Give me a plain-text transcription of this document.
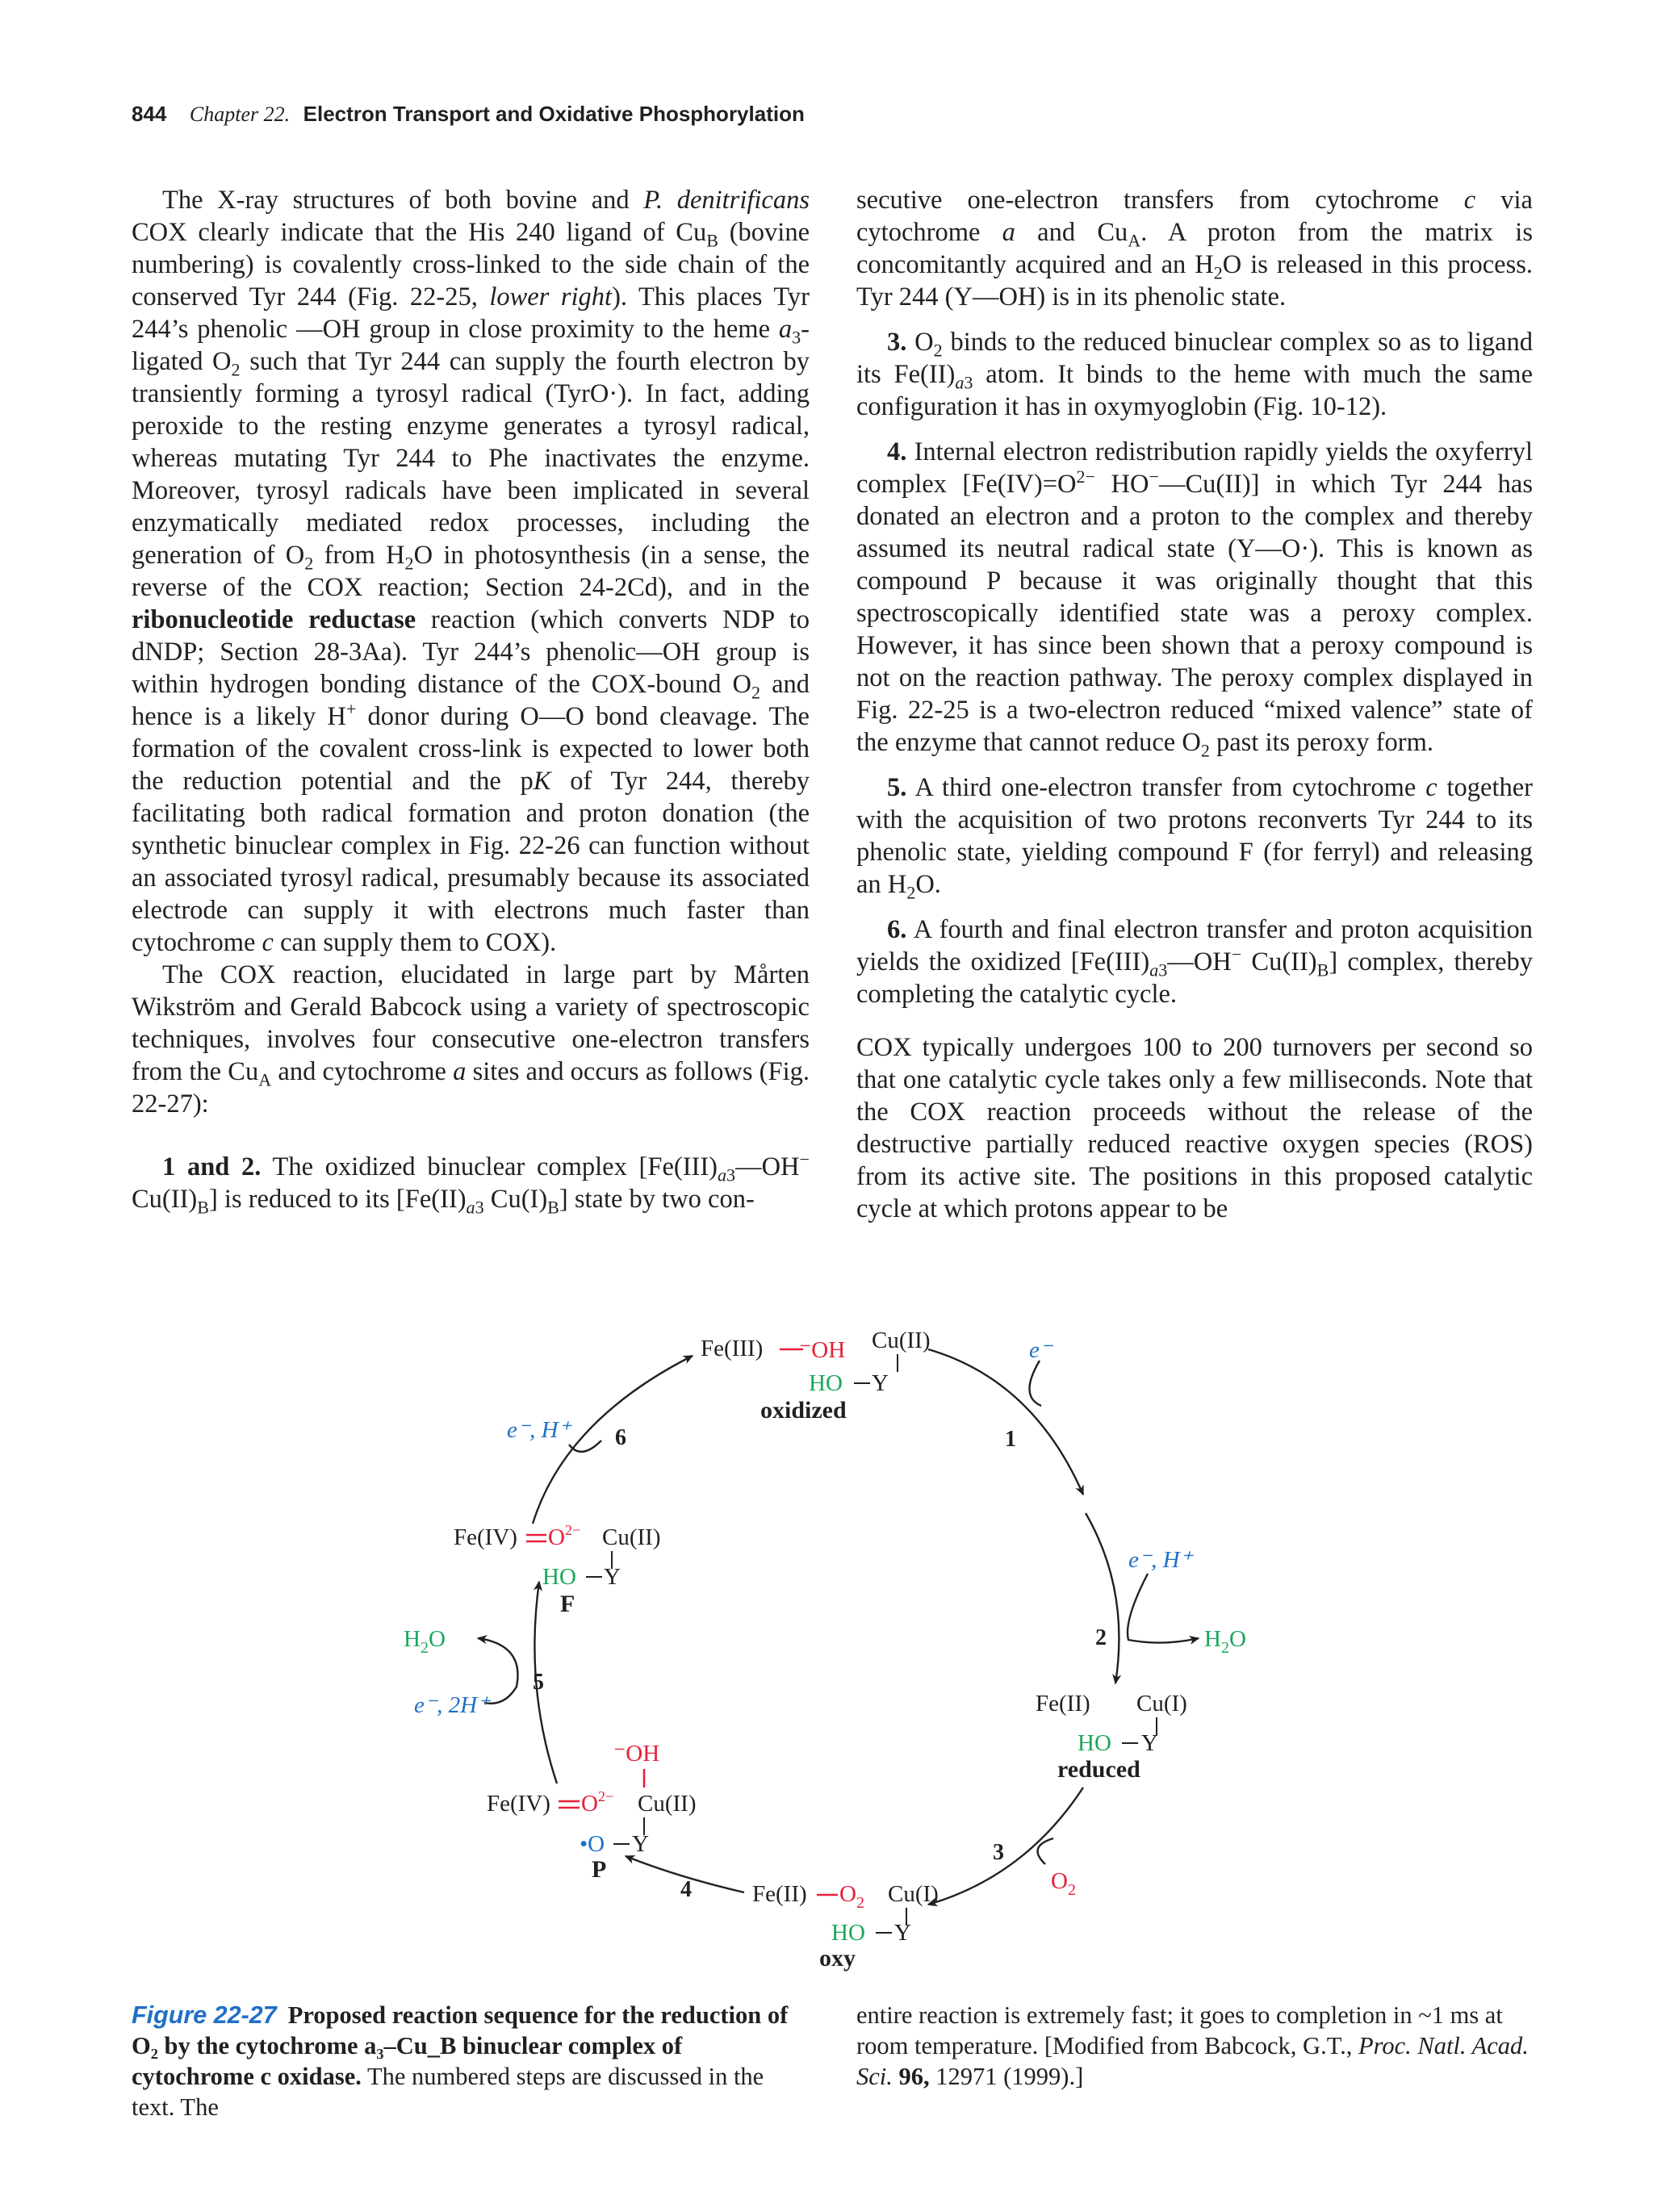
844 Chapter 22. Electron Transport and Oxidative Phosphorylation

The X-ray structures of both bovine and P. denitrificans COX clearly indicate that the His 240 ligand of $Cu_B$ (bovine numbering) is covalently cross-linked to the side chain of the conserved Tyr 244 (Fig. 22-25, lower right). This places Tyr 244’s phenolic —OH group in close proximity to the heme $a_3$-ligated $O_2$ such that Tyr 244 can supply the fourth electron by transiently forming a tyrosyl radical (TyrO·). In fact, adding peroxide to the resting enzyme generates a tyrosyl radical, whereas mutating Tyr 244 to Phe inactivates the enzyme. Moreover, tyrosyl radicals have been implicated in several enzymatically mediated redox processes, including the generation of $O_2$ from $H_2O$ in photosynthesis (in a sense, the reverse of the COX reaction; Section 24-2Cd), and in the ribonucleotide reductase reaction (which converts NDP to dNDP; Section 28-3Aa). Tyr 244’s phenolic—OH group is within hydrogen bonding distance of the COX-bound $O_2$ and hence is a likely H+ donor during O—O bond cleavage. The formation of the covalent cross-link is expected to lower both the reduction potential and the pK of Tyr 244, thereby facilitating both radical formation and proton donation (the synthetic binuclear complex in Fig. 22-26 can function without an associated tyrosyl radical, presumably because its associated electrode can supply it with electrons much faster than cytochrome c can supply them to COX).

The COX reaction, elucidated in large part by Mårten Wikström and Gerald Babcock using a variety of spectroscopic techniques, involves four consecutive one-electron transfers from the $Cu_A$ and cytochrome a sites and occurs as follows (Fig. 22-27):

1 and 2. The oxidized binuclear complex [$Fe(III)_{a3}—OH^-$ $Cu(II)_B$] is reduced to its [$Fe(II)_{a3}$ $Cu(I)_B$] state by two con-

secutive one-electron transfers from cytochrome c via cytochrome a and $Cu_A$. A proton from the matrix is concomitantly acquired and an $H_2O$ is released in this process. Tyr 244 (Y—OH) is in its phenolic state.

3. $O_2$ binds to the reduced binuclear complex so as to ligand its $Fe(II)_{a3}$ atom. It binds to the heme with much the same configuration it has in oxymyoglobin (Fig. 10-12).

4. Internal electron redistribution rapidly yields the oxyferryl complex [$Fe(IV)=O^{2-}$ HO−—Cu(II)] in which Tyr 244 has donated an electron and a proton to the complex and thereby assumed its neutral radical state (Y—O·). This is known as compound P because it was originally thought that this spectroscopically identified state was a peroxy complex. However, it has since been shown that a peroxy compound is not on the reaction pathway. The peroxy complex displayed in Fig. 22-25 is a two-electron reduced “mixed valence” state of the enzyme that cannot reduce $O_2$ past its peroxy form.

5. A third one-electron transfer from cytochrome c together with the acquisition of two protons reconverts Tyr 244 to its phenolic state, yielding compound F (for ferryl) and releasing an $H_2O$.

6. A fourth and final electron transfer and proton acquisition yields the oxidized [$Fe(III)_{a3}—OH^-$ $Cu(II)_B$] complex, thereby completing the catalytic cycle.

COX typically undergoes 100 to 200 turnovers per second so that one catalytic cycle takes only a few milliseconds. Note that the COX reaction proceeds without the release of the destructive partially reduced reactive oxygen species (ROS) from its active site. The positions in this proposed catalytic cycle at which protons appear to be

Fe(III) ⁻OH Cu(II)
HO Y
oxidized
Fe(II) Cu(I)
HO Y
reduced
Fe(II) $O_2$ Cu(I)
HO Y
oxy
⁻OH
Fe(IV) $O^{2-}$ Cu(II)
•O Y
P
Fe(IV) $O^{2-}$ Cu(II)
HO Y
F
e⁻
1
e⁻, H⁺
$H_2O$
2
$O_2$
3
4
e⁻, 2H⁺
$H_2O$
5
e⁻, H⁺ 6
Figure 22-27 Proposed reaction sequence for the reduction of O₂ by the cytochrome a₃–Cu_B binuclear complex of cytochrome c oxidase. The numbered steps are discussed in the text. The
entire reaction is extremely fast; it goes to completion in ~1 ms at room temperature. [Modified from Babcock, G.T., Proc. Natl. Acad. Sci. 96, 12971 (1999).]
